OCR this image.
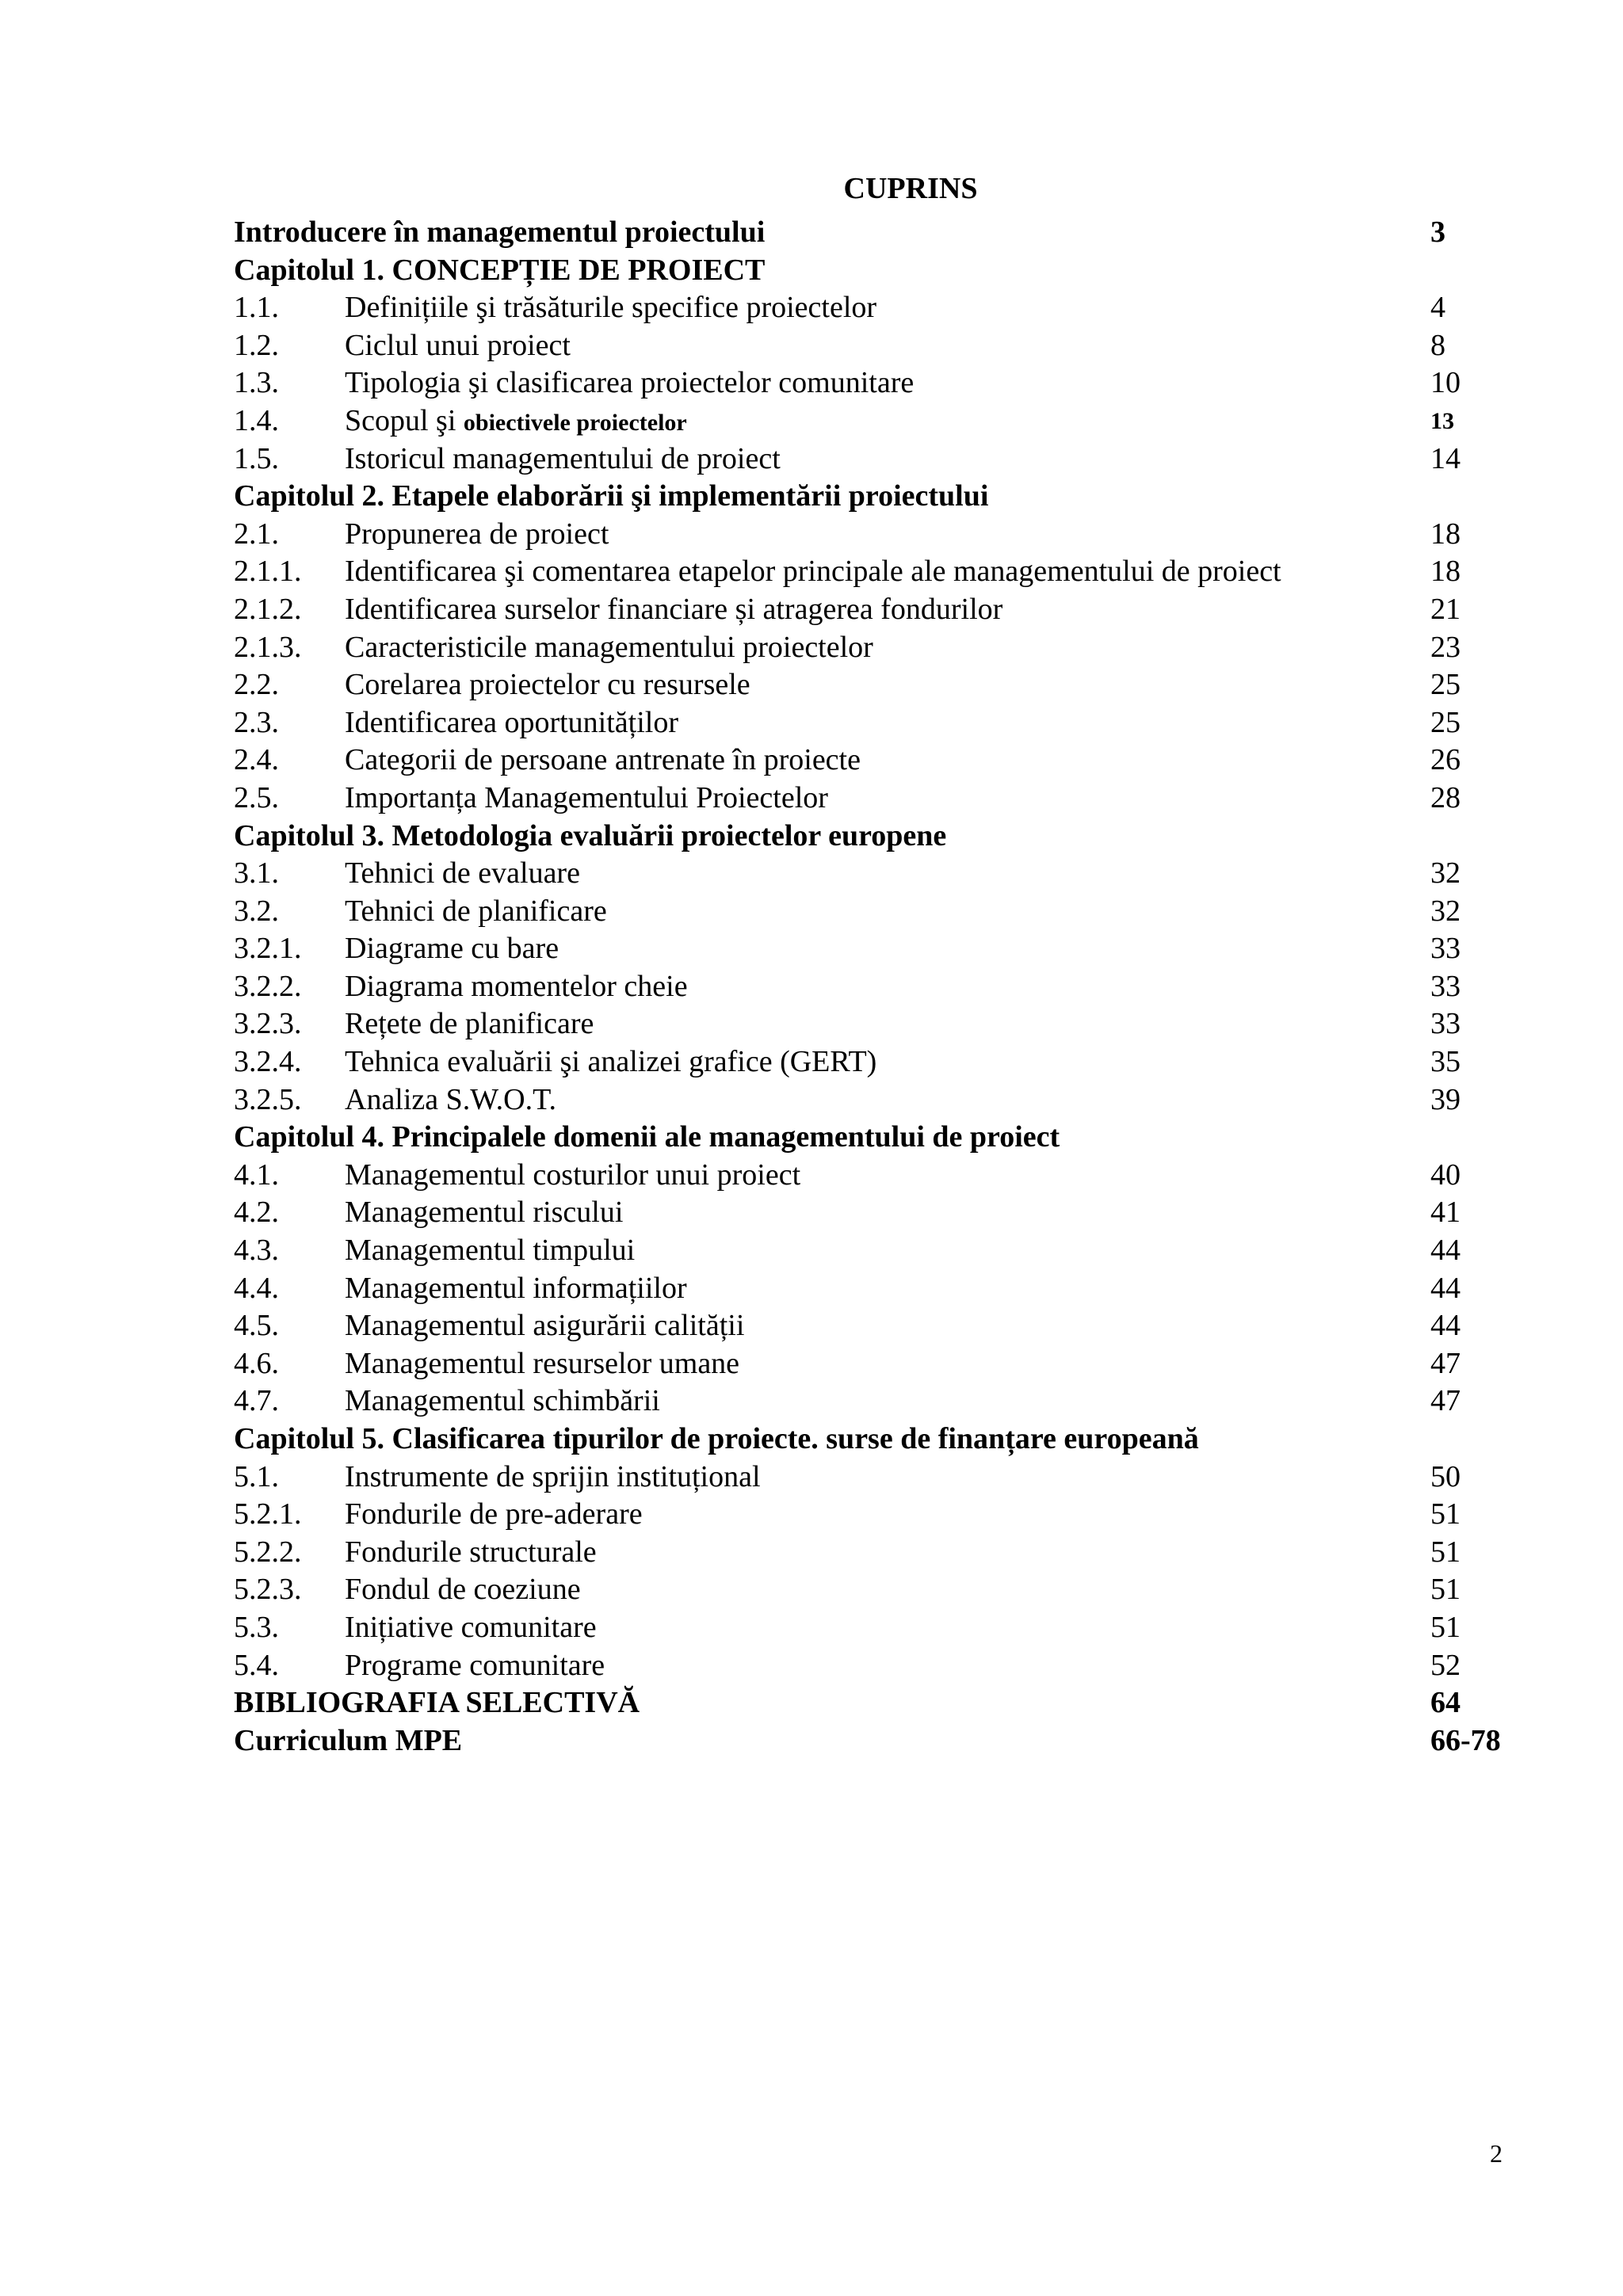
CUPRINS
Introducere în managementul proiectului	3
Capitolul 1. CONCEPȚIE DE PROIECT
1.1. Definițiile şi trăsăturile specifice proiectelor	4
1.2. Ciclul unui proiect	8
1.3. Tipologia şi clasificarea proiectelor comunitare	10
1.4. Scopul şi obiectivele proiectelor	13
1.5. Istoricul managementului de proiect	14
Capitolul 2. Etapele elaborării şi implementării proiectului
2.1. Propunerea de proiect	18
2.1.1. Identificarea şi comentarea etapelor principale ale managementului de proiect	18
2.1.2. Identificarea surselor financiare și atragerea fondurilor	21
2.1.3. Caracteristicile managementului proiectelor	23
2.2. Corelarea proiectelor cu resursele	25
2.3. Identificarea oportunităților	25
2.4. Categorii de persoane antrenate în proiecte	26
2.5. Importanța Managementului Proiectelor	28
Capitolul 3. Metodologia evaluării proiectelor europene
3.1. Tehnici de evaluare	32
3.2. Tehnici de planificare	32
3.2.1. Diagrame cu bare	33
3.2.2. Diagrama momentelor cheie	33
3.2.3. Rețete de planificare	33
3.2.4. Tehnica evaluării şi analizei grafice (GERT)	35
3.2.5. Analiza S.W.O.T.	39
Capitolul 4. Principalele domenii ale managementului de proiect
4.1. Managementul costurilor unui proiect	40
4.2. Managementul riscului	41
4.3. Managementul timpului	44
4.4. Managementul informațiilor	44
4.5. Managementul asigurării calității	44
4.6. Managementul resurselor umane	47
4.7. Managementul schimbării	47
Capitolul 5. Clasificarea tipurilor de proiecte. surse de finanțare europeană
5.1. Instrumente de sprijin instituțional	50
5.2.1. Fondurile de pre-aderare	51
5.2.2. Fondurile structurale	51
5.2.3. Fondul de coeziune	51
5.3. Inițiative comunitare	51
5.4. Programe comunitare	52
BIBLIOGRAFIA SELECTIVĂ	64
Curriculum MPE	66-78
2
